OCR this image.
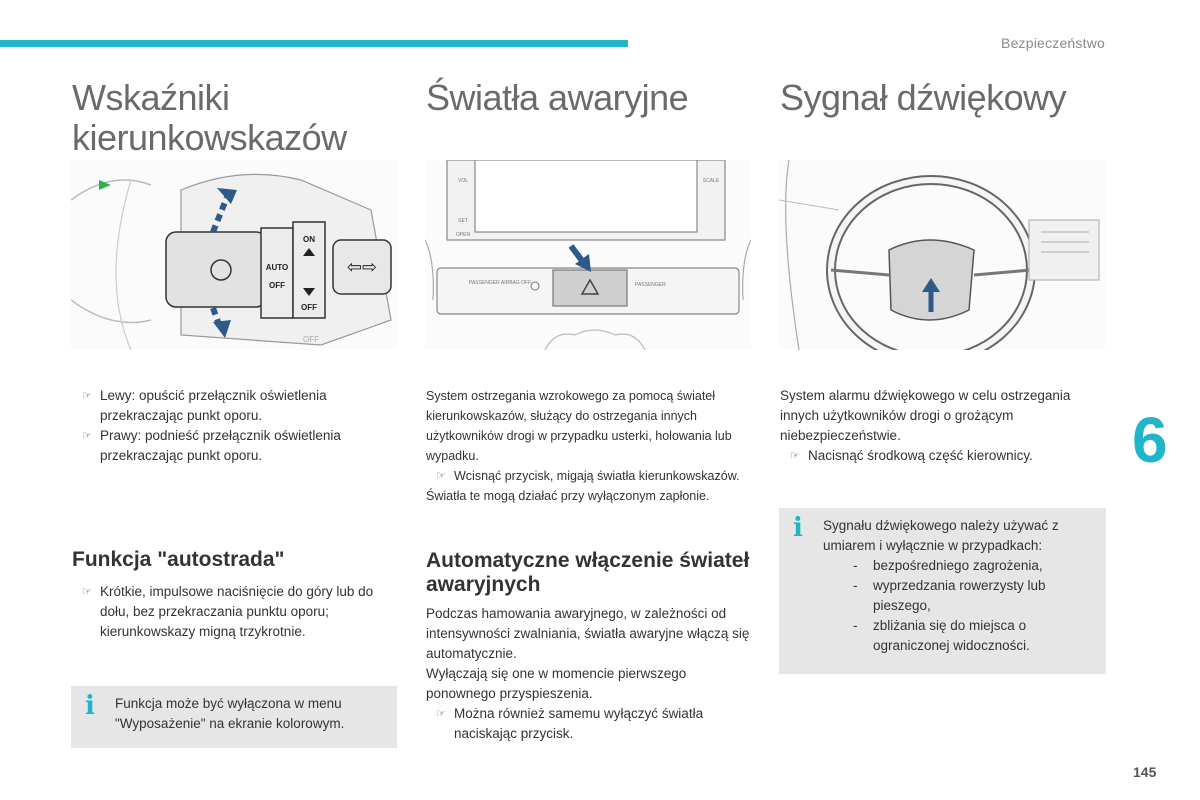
Bezpieczeństwo
6
145
Wskaźniki kierunkowskazów
AUTO
OFF
ON
OFF
OFF
⇦⇨

☞ Lewy: opuścić przełącznik oświetlenia przekraczając punkt oporu.

☞ Prawy: podnieść przełącznik oświetlenia przekraczając punkt oporu.

Funkcja "autostrada"

☞ Krótkie, impulsowe naciśnięcie do góry lub do dołu, bez przekraczania punktu oporu; kierunkowskazy migną trzykrotnie.

i Funkcja może być wyłączona w menu "Wyposażenie" na ekranie kolorowym.
Światła awaryjne
VOL	SCALE
SET
OPEN
PASSENGER AIRBAG OFF	PASSENGER

System ostrzegania wzrokowego za pomocą świateł kierunkowskazów, służący do ostrzegania innych użytkowników drogi w przypadku usterki, holowania lub wypadku.

☞ Wcisnąć przycisk, migają światła kierunkowskazów.

Światła te mogą działać przy wyłączonym zapłonie.

Automatyczne włączenie świateł awaryjnych

Podczas hamowania awaryjnego, w zależności od intensywności zwalniania, światła awaryjne włączą się automatycznie.

Wyłączają się one w momencie pierwszego ponownego przyspieszenia.

☞ Można również samemu wyłączyć światła naciskając przycisk.

Sygnał dźwiękowy

System alarmu dźwiękowego w celu ostrzegania innych użytkowników drogi o grożącym niebezpieczeństwie.

☞ Nacisnąć środkową część kierownicy.

i Sygnału dźwiękowego należy używać z umiarem i wyłącznie w przypadkach:

- bezpośredniego zagrożenia,

- wyprzedzania rowerzysty lub pieszego,

- zbliżania się do miejsca o ograniczonej widoczności.
